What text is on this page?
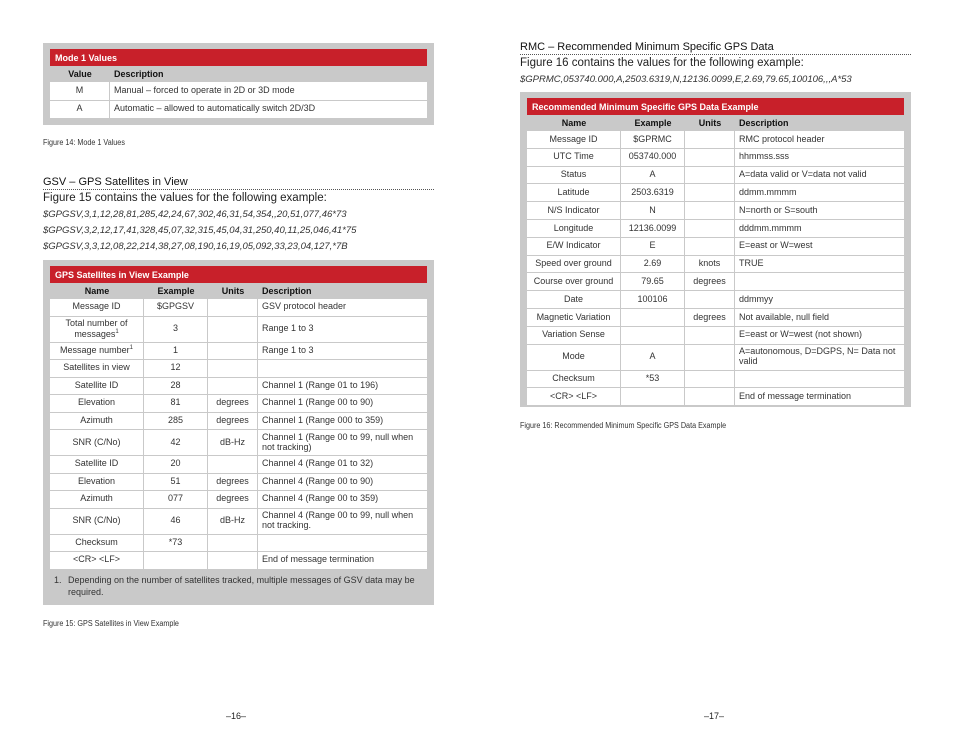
Mode 1 Values
Value	Description
M	Manual – forced to operate in 2D or 3D mode
A	Automatic – allowed to automatically switch 2D/3D
Figure 14: Mode 1 Values
GSV – GPS Satellites in View
Figure 15 contains the values for the following example:
$GPGSV,3,1,12,28,81,285,42,24,67,302,46,31,54,354,,20,51,077,46*73
$GPGSV,3,2,12,17,41,328,45,07,32,315,45,04,31,250,40,11,25,046,41*75
$GPGSV,3,3,12,08,22,214,38,27,08,190,16,19,05,092,33,23,04,127,*7B
GPS Satellites in View Example
Name	Example	Units	Description
Message ID	$GPGSV		GSV protocol header
Total number of messages$^1$	3		Range 1 to 3
Message number$^1$	1		Range 1 to 3
Satellites in view	12		
Satellite ID	28		Channel 1 (Range 01 to 196)
Elevation	81	degrees	Channel 1 (Range 00 to 90)
Azimuth	285	degrees	Channel 1 (Range 000 to 359)
SNR (C/No)	42	dB-Hz	Channel 1 (Range 00 to 99, null when not tracking)
Satellite ID	20		Channel 4 (Range 01 to 32)
Elevation	51	degrees	Channel 4 (Range 00 to 90)
Azimuth	077	degrees	Channel 4 (Range 00 to 359)
SNR (C/No)	46	dB-Hz	Channel 4 (Range 00 to 99, null when not tracking.
Checksum	*73		
<CR> <LF>			End of message termination
1. Depending on the number of satellites tracked, multiple messages of GSV data may be required.
Figure 15: GPS Satellites in View Example
–16–
RMC – Recommended Minimum Specific GPS Data
Figure 16 contains the values for the following example:
$GPRMC,053740.000,A,2503.6319,N,12136.0099,E,2.69,79.65,100106,,,A*53
Recommended Minimum Specific GPS Data Example
Name	Example	Units	Description
Message ID	$GPRMC		RMC protocol header
UTC Time	053740.000		hhmmss.sss
Status	A		A=data valid or V=data not valid
Latitude	2503.6319		ddmm.mmmm
N/S Indicator	N		N=north or S=south
Longitude	12136.0099		dddmm.mmmm
E/W Indicator	E		E=east or W=west
Speed over ground	2.69	knots	TRUE
Course over ground	79.65	degrees	
Date	100106		ddmmyy
Magnetic Variation		degrees	Not available, null field
Variation Sense			E=east or W=west (not shown)
Mode	A		A=autonomous, D=DGPS, N= Data not valid
Checksum	*53		
<CR> <LF>			End of message termination
Figure 16: Recommended Minimum Specific GPS Data Example
–17–
